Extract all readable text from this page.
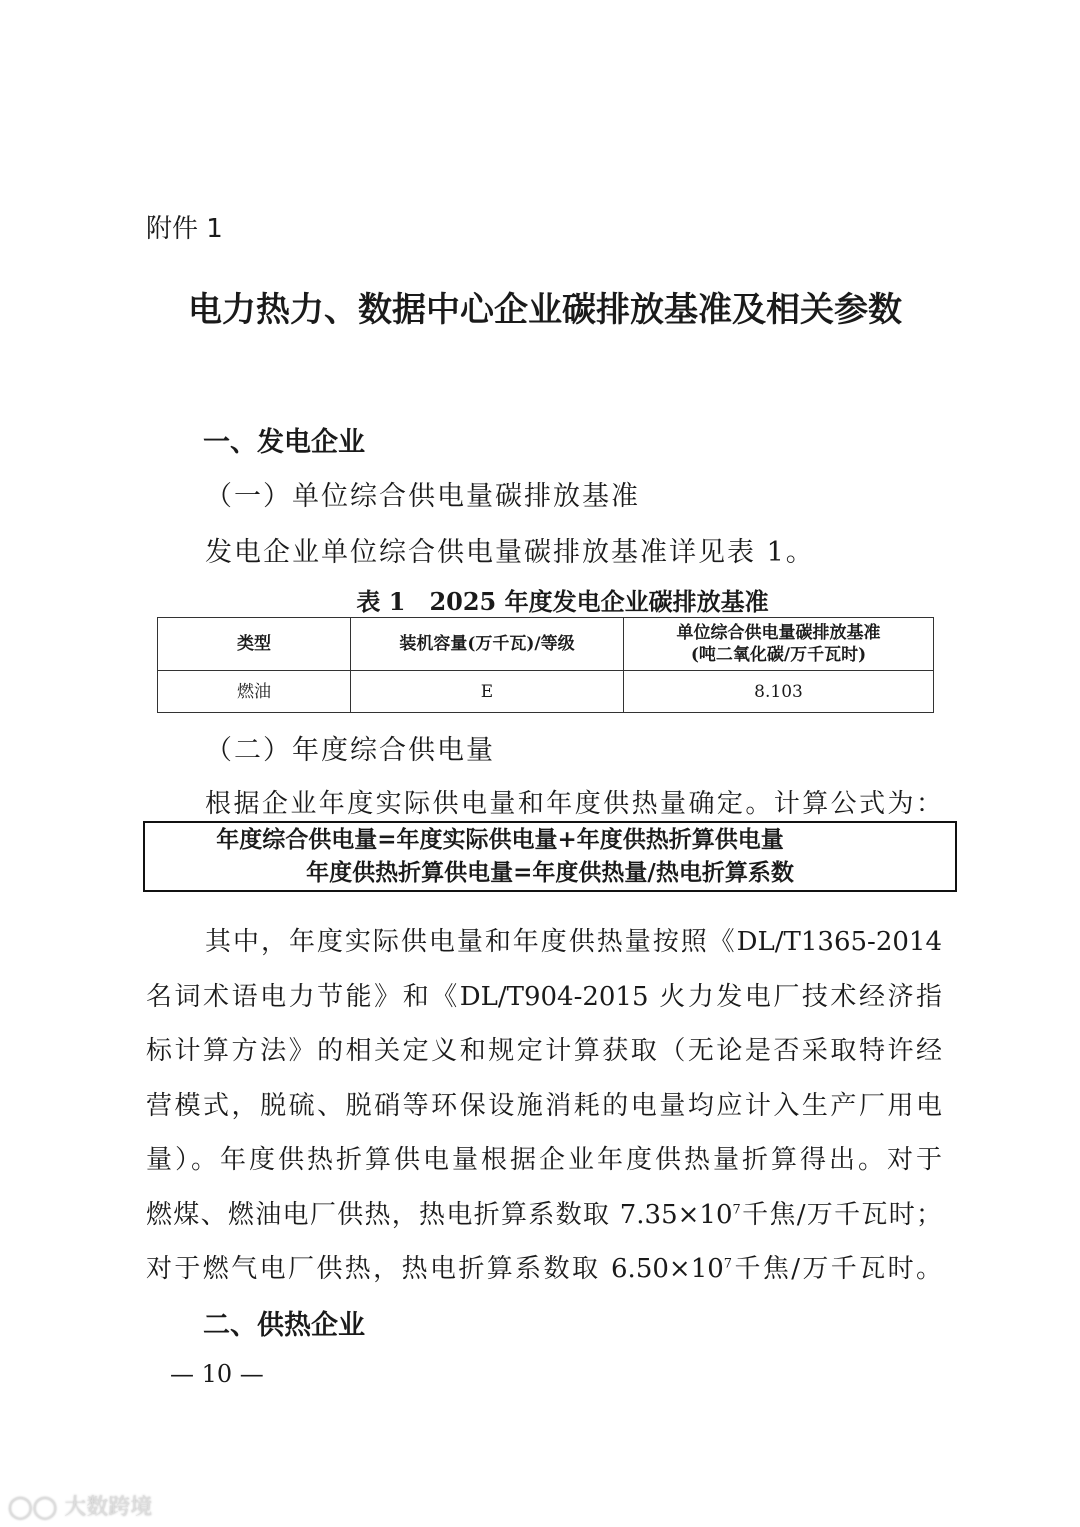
附件 1
电力热力、数据中心企业碳排放基准及相关参数
一、发电企业
（一）单位综合供电量碳排放基准
发电企业单位综合供电量碳排放基准详见表 1。
表 1　2025 年度发电企业碳排放基准
类型	装机容量(万千瓦)/等级	单位综合供电量碳排放基准
(吨二氧化碳/万千瓦时)

燃油	E	8.103
（二）年度综合供电量
根据企业年度实际供电量和年度供热量确定。计算公式为：
年度综合供电量=年度实际供电量+年度供热折算供电量
年度供热折算供电量=年度供热量/热电折算系数
其中，年度实际供电量和年度供热量按照《DL/T1365-2014
名词术语电力节能》和《DL/T904-2015 火力发电厂技术经济指
标计算方法》的相关定义和规定计算获取（无论是否采取特许经
营模式，脱硫、脱硝等环保设施消耗的电量均应计入生产厂用电
量）。年度供热折算供电量根据企业年度供热量折算得出。对于
燃煤、燃油电厂供热，热电折算系数取 $7.35\times 10^7$千焦/万千瓦时；
对于燃气电厂供热，热电折算系数取 $6.50\times 10^7$千焦/万千瓦时。
二、供热企业
— 10 —
◯◯ 大数跨境
